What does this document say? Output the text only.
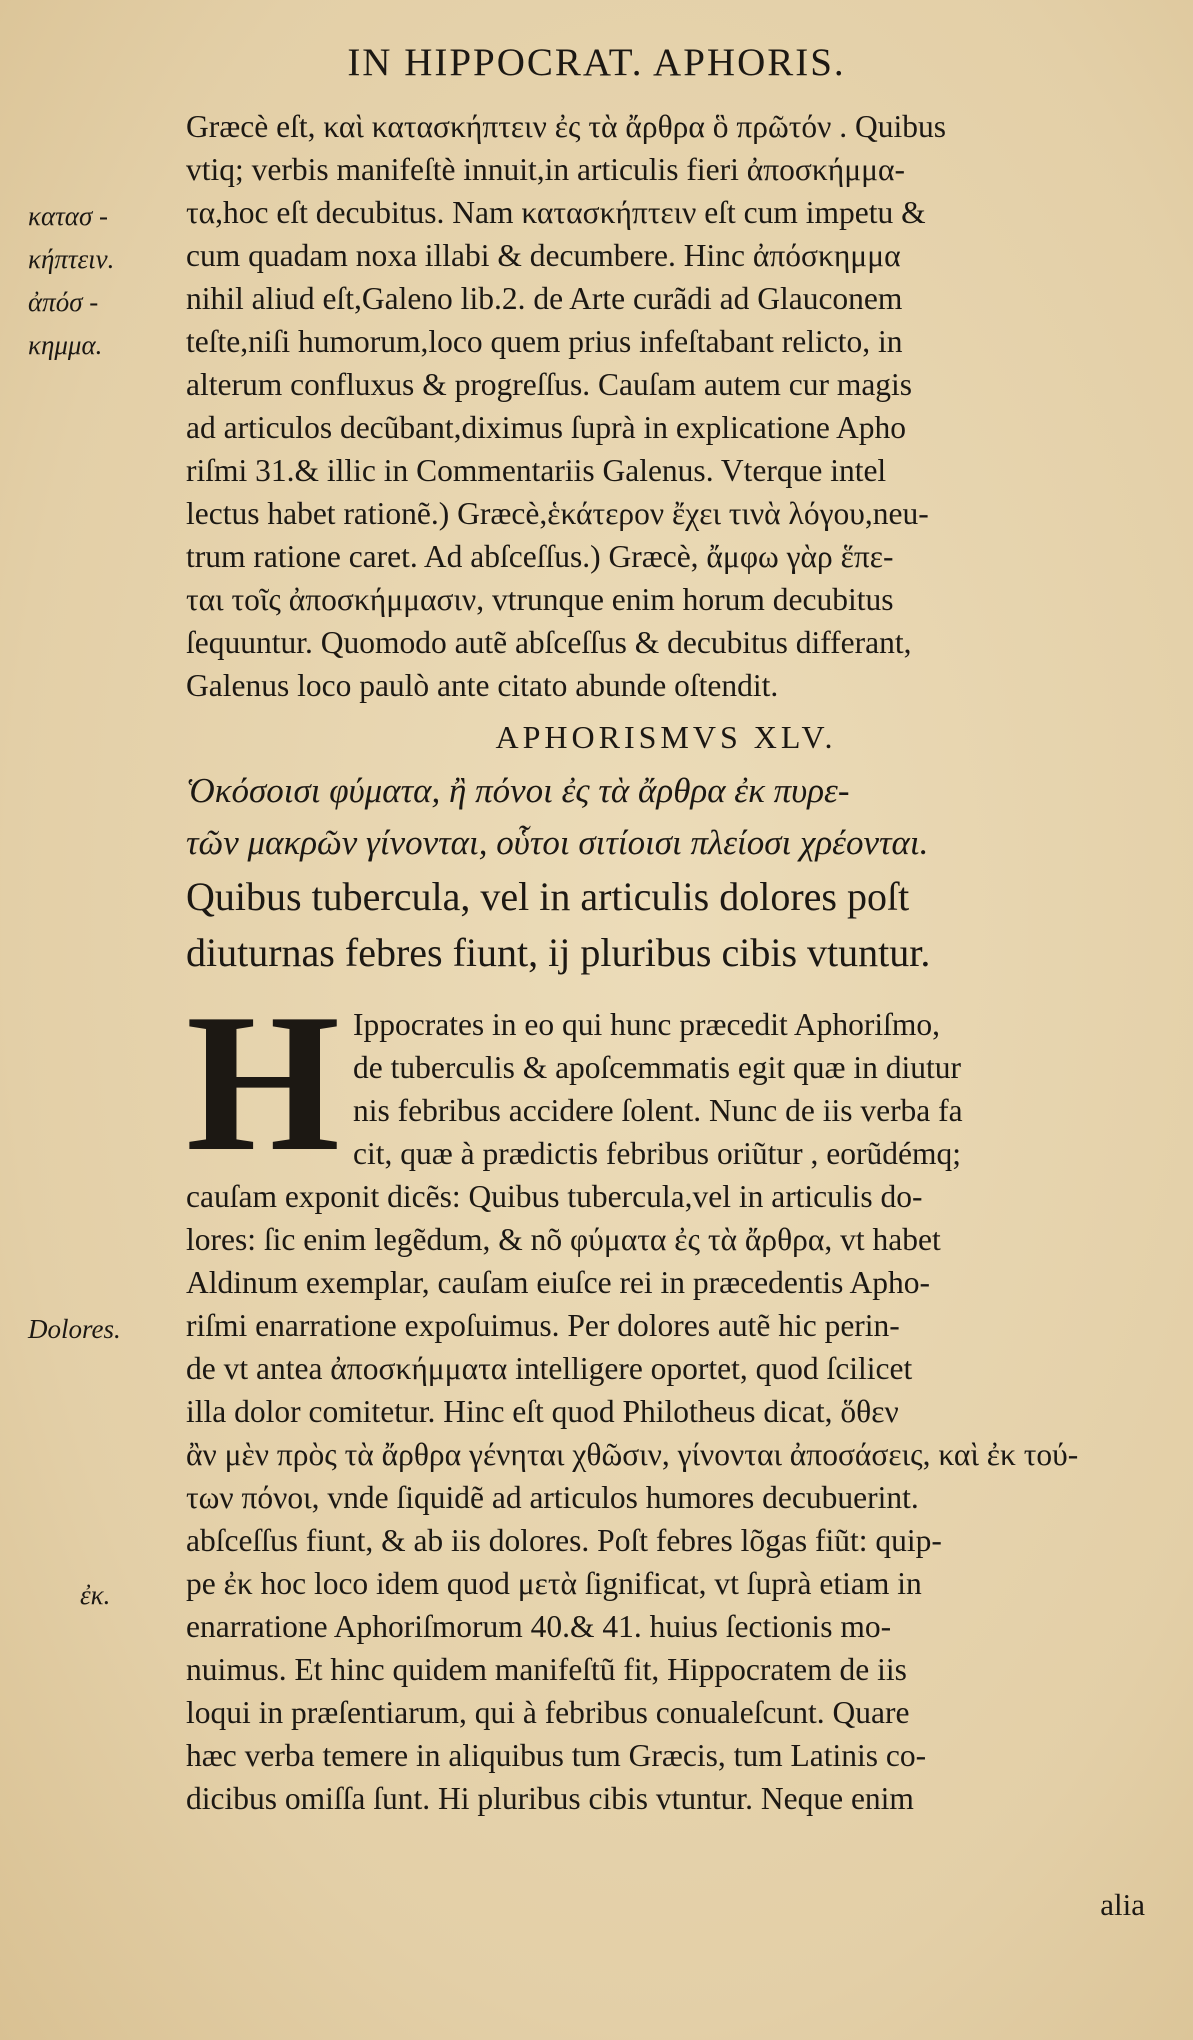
IN HIPPOCRAT. APHORIS.
κατασ -
κήπτειν.
ἀπόσ -
κημμα.
Dolores.
ἐκ.
Græcè eſt, καὶ κατασκήπτειν ἐς τὰ ἄρθρα ὃ πρῶτόν . Quibus
vtiq; verbis manifeſtè innuit,in articulis fieri ἀποσκήμμα-
τα,hoc eſt decubitus. Nam κατασκήπτειν eſt cum impetu &
cum quadam noxa illabi & decumbere. Hinc ἀπόσκημμα
nihil aliud eſt,Galeno lib.2. de Arte curãdi ad Glauconem
teſte,niſi humorum,loco quem prius infeſtabant relicto, in
alterum confluxus & progreſſus. Cauſam autem cur magis
ad articulos decũbant,diximus ſuprà in explicatione Apho
riſmi 31.& illic in Commentariis Galenus. Vterque intel
lectus habet rationẽ.) Græcè,ἑκάτερον ἔχει τινὰ λόγου,neu-
trum ratione caret. Ad abſceſſus.) Græcè, ἄμφω γὰρ ἕπε-
ται τοῖς ἀποσκήμμασιν, vtrunque enim horum decubitus
ſequuntur. Quomodo autẽ abſceſſus & decubitus differant,
Galenus loco paulò ante citato abunde oſtendit.
APHORISMVS XLV.
Ὁκόσοισι φύματα, ἢ πόνοι ἐς τὰ ἄρθρα ἐκ πυρε-
τῶν μακρῶν γίνονται, οὗτοι σιτίοισι πλείοσι χρέονται.
Quibus tubercula, vel in articulis dolores poſt
diuturnas febres fiunt, ij pluribus cibis vtuntur.
H Ippocrates in eo qui hunc præcedit Aphoriſmo,
de tuberculis & apoſcemmatis egit quæ in diutur
nis febribus accidere ſolent. Nunc de iis verba fa
cit, quæ à prædictis febribus oriũtur , eorũdémq;
cauſam exponit dicẽs: Quibus tubercula,vel in articulis do-
lores: ſic enim legẽdum, & nõ φύματα ἐς τὰ ἄρθρα, vt habet
Aldinum exemplar, cauſam eiuſce rei in præcedentis Apho-
riſmi enarratione expoſuimus. Per dolores autẽ hic perin-
de vt antea ἀποσκήμματα intelligere oportet, quod ſcilicet
illa dolor comitetur. Hinc eſt quod Philotheus dicat, ὅθεν
ἂν μὲν πρὸς τὰ ἄρθρα γένηται χθῶσιν, γίνονται ἀποσάσεις, καὶ ἐκ τού-
των πόνοι, vnde ſiquidẽ ad articulos humores decubuerint.
abſceſſus fiunt, & ab iis dolores. Poſt febres lõgas fiũt: quip-
pe ἐκ hoc loco idem quod μετὰ ſignificat, vt ſuprà etiam in
enarratione Aphoriſmorum 40.& 41. huius ſectionis mo-
nuimus. Et hinc quidem manifeſtũ fit, Hippocratem de iis
loqui in præſentiarum, qui à febribus conualeſcunt. Quare
hæc verba temere in aliquibus tum Græcis, tum Latinis co-
dicibus omiſſa ſunt. Hi pluribus cibis vtuntur. Neque enim
alia
